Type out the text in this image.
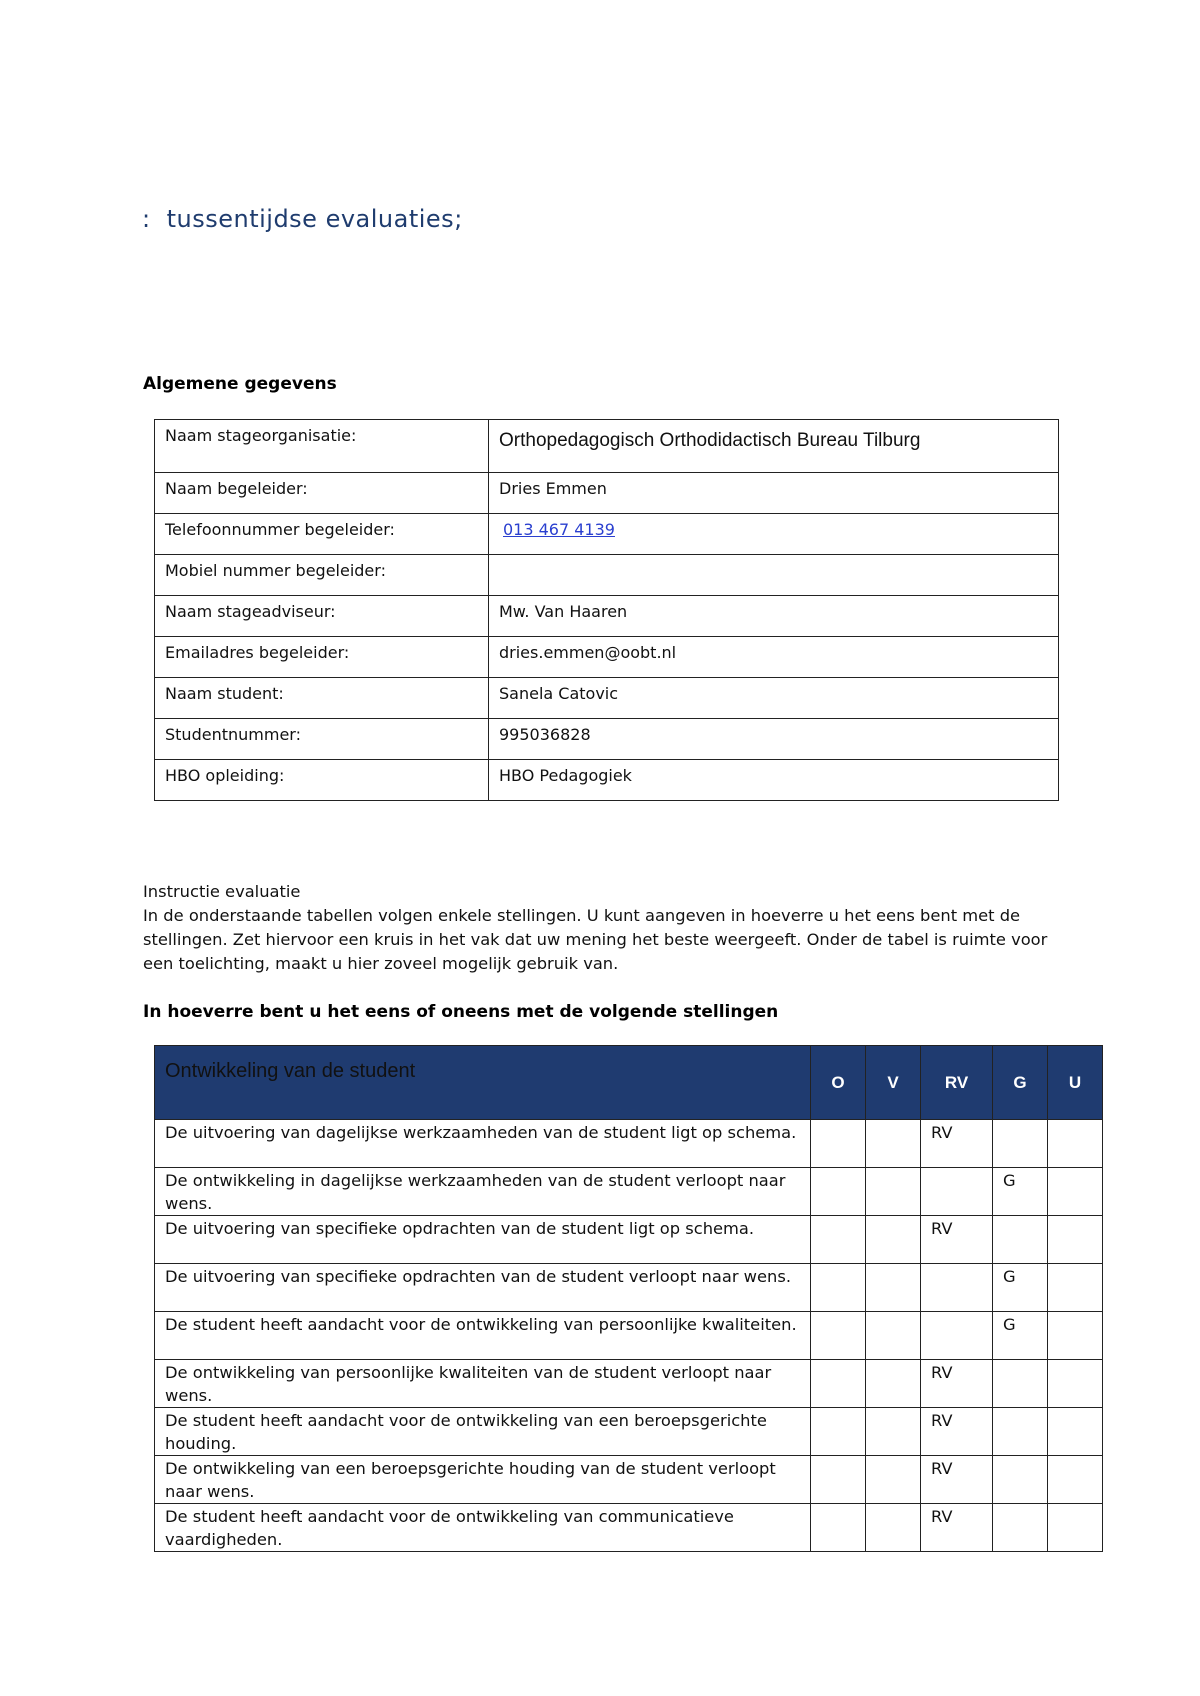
: tussentijdse evaluaties;
Algemene gegevens
Naam stageorganisatie:	Orthopedagogisch Orthodidactisch Bureau Tilburg
Naam begeleider:	Dries Emmen
Telefoonnummer begeleider:	013 467 4139
Mobiel nummer begeleider:	
Naam stageadviseur:	Mw. Van Haaren
Emailadres begeleider:	dries.emmen@oobt.nl
Naam student:	Sanela Catovic
Studentnummer:	995036828
HBO opleiding:	HBO Pedagogiek
Instructie evaluatie
In de onderstaande tabellen volgen enkele stellingen. U kunt aangeven in hoeverre u het eens bent met de stellingen. Zet hiervoor een kruis in het vak dat uw mening het beste weergeeft. Onder de tabel is ruimte voor een toelichting, maakt u hier zoveel mogelijk gebruik van.
In hoeverre bent u het eens of oneens met de volgende stellingen
Ontwikkeling van de student	O	V	RV	G	U
De uitvoering van dagelijkse werkzaamheden van de student ligt op schema.			RV		
De ontwikkeling in dagelijkse werkzaamheden van de student verloopt naar wens.				G	
De uitvoering van specifieke opdrachten van de student ligt op schema.			RV		
De uitvoering van specifieke opdrachten van de student verloopt naar wens.				G	
De student heeft aandacht voor de ontwikkeling van persoonlijke kwaliteiten.				G	
De ontwikkeling van persoonlijke kwaliteiten van de student verloopt naar wens.			RV		
De student heeft aandacht voor de ontwikkeling van een beroepsgerichte houding.			RV		
De ontwikkeling van een beroepsgerichte houding van de student verloopt naar wens.			RV		
De student heeft aandacht voor de ontwikkeling van communicatieve vaardigheden.			RV		
